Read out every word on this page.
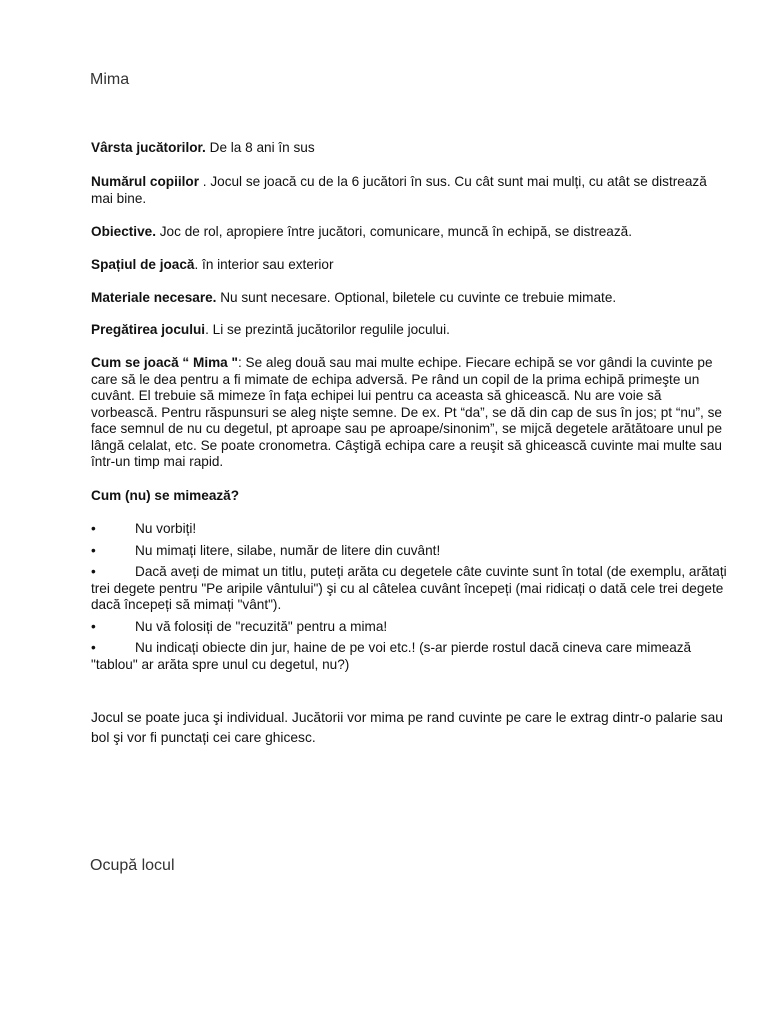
Mima

Vârsta jucătorilor. De la 8 ani în sus

Numărul copiilor . Jocul se joacă cu de la 6 jucători în sus. Cu cât sunt mai mulți, cu atât se distrează mai bine.

Obiective. Joc de rol, apropiere între jucători, comunicare, muncă în echipă, se distrează.

Spațiul de joacă. în interior sau exterior

Materiale necesare. Nu sunt necesare. Optional, biletele cu cuvinte ce trebuie mimate.

Pregătirea jocului. Li se prezintă jucătorilor regulile jocului.

Cum se joacă “ Mima ": Se aleg două sau mai multe echipe. Fiecare echipă se vor gândi la cuvinte pe care să le dea pentru a fi mimate de echipa adversă. Pe rând un copil de la prima echipă primeşte un cuvânt. El trebuie să mimeze în fața echipei lui pentru ca aceasta să ghicească. Nu are voie să vorbească. Pentru răspunsuri se aleg nişte semne. De ex. Pt “da”, se dă din cap de sus în jos; pt “nu”, se face semnul de nu cu degetul, pt aproape sau pe aproape/sinonim”, se mijcă degetele arătătoare unul pe lângă celalat, etc. Se poate cronometra. Câştigă echipa care a reuşit să ghicească cuvinte mai multe sau într-un timp mai rapid.

Cum (nu) se mimează?

•	Nu vorbiți!
•	Nu mimați litere, silabe, număr de litere din cuvânt!
•	Dacă aveți de mimat un titlu, puteți arăta cu degetele câte cuvinte sunt în total (de exemplu, arătați trei degete pentru "Pe aripile vântului") şi cu al câtelea cuvânt începeți (mai ridicați o dată cele trei degete dacă începeți să mimați "vânt").
•	Nu vă folosiți de "recuzită" pentru a mima!
•	Nu indicați obiecte din jur, haine de pe voi etc.! (s-ar pierde rostul dacă cineva care mimează "tablou" ar arăta spre unul cu degetul, nu?)

Jocul se poate juca şi individual. Jucătorii vor mima pe rand cuvinte pe care le extrag dintr-o palarie sau bol şi vor fi punctați cei care ghicesc.

Ocupă locul
